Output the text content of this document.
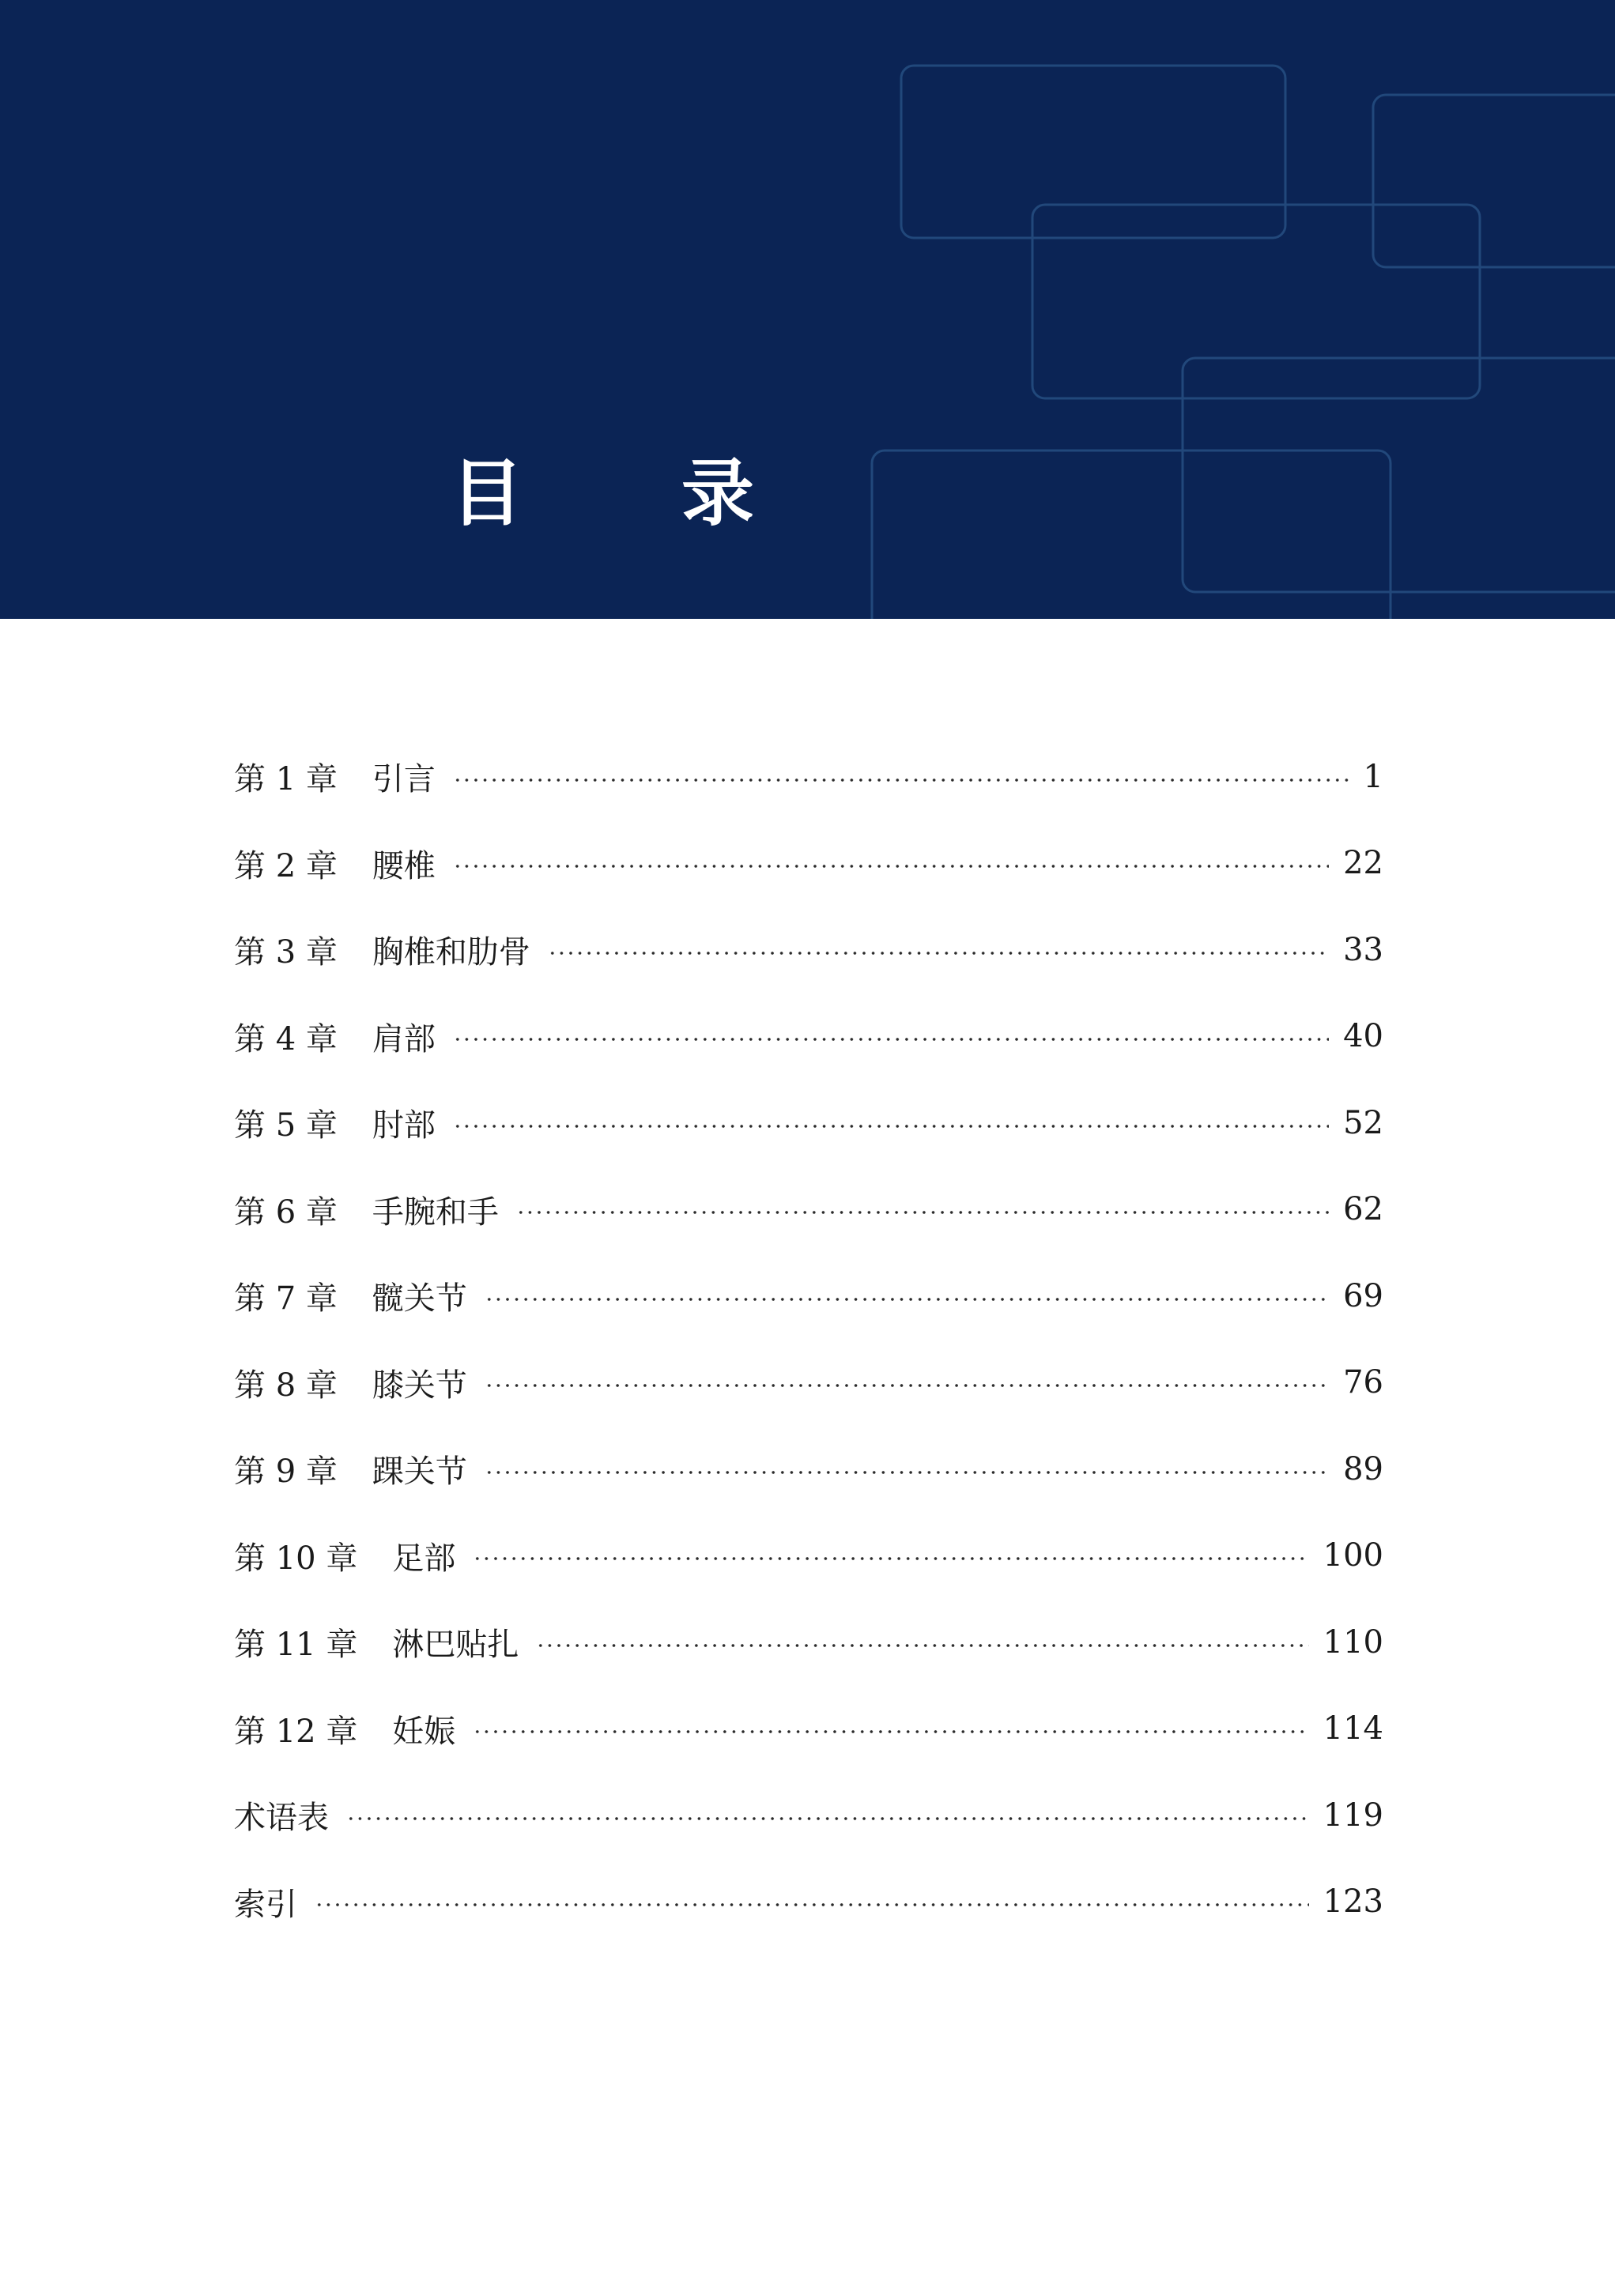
目 录
第 1 章 引言	1
第 2 章 腰椎	22
第 3 章 胸椎和肋骨	33
第 4 章 肩部	40
第 5 章 肘部	52
第 6 章 手腕和手	62
第 7 章 髋关节	69
第 8 章 膝关节	76
第 9 章 踝关节	89
第 10 章 足部	100
第 11 章 淋巴贴扎	110
第 12 章 妊娠	114
术语表	119
索引	123
